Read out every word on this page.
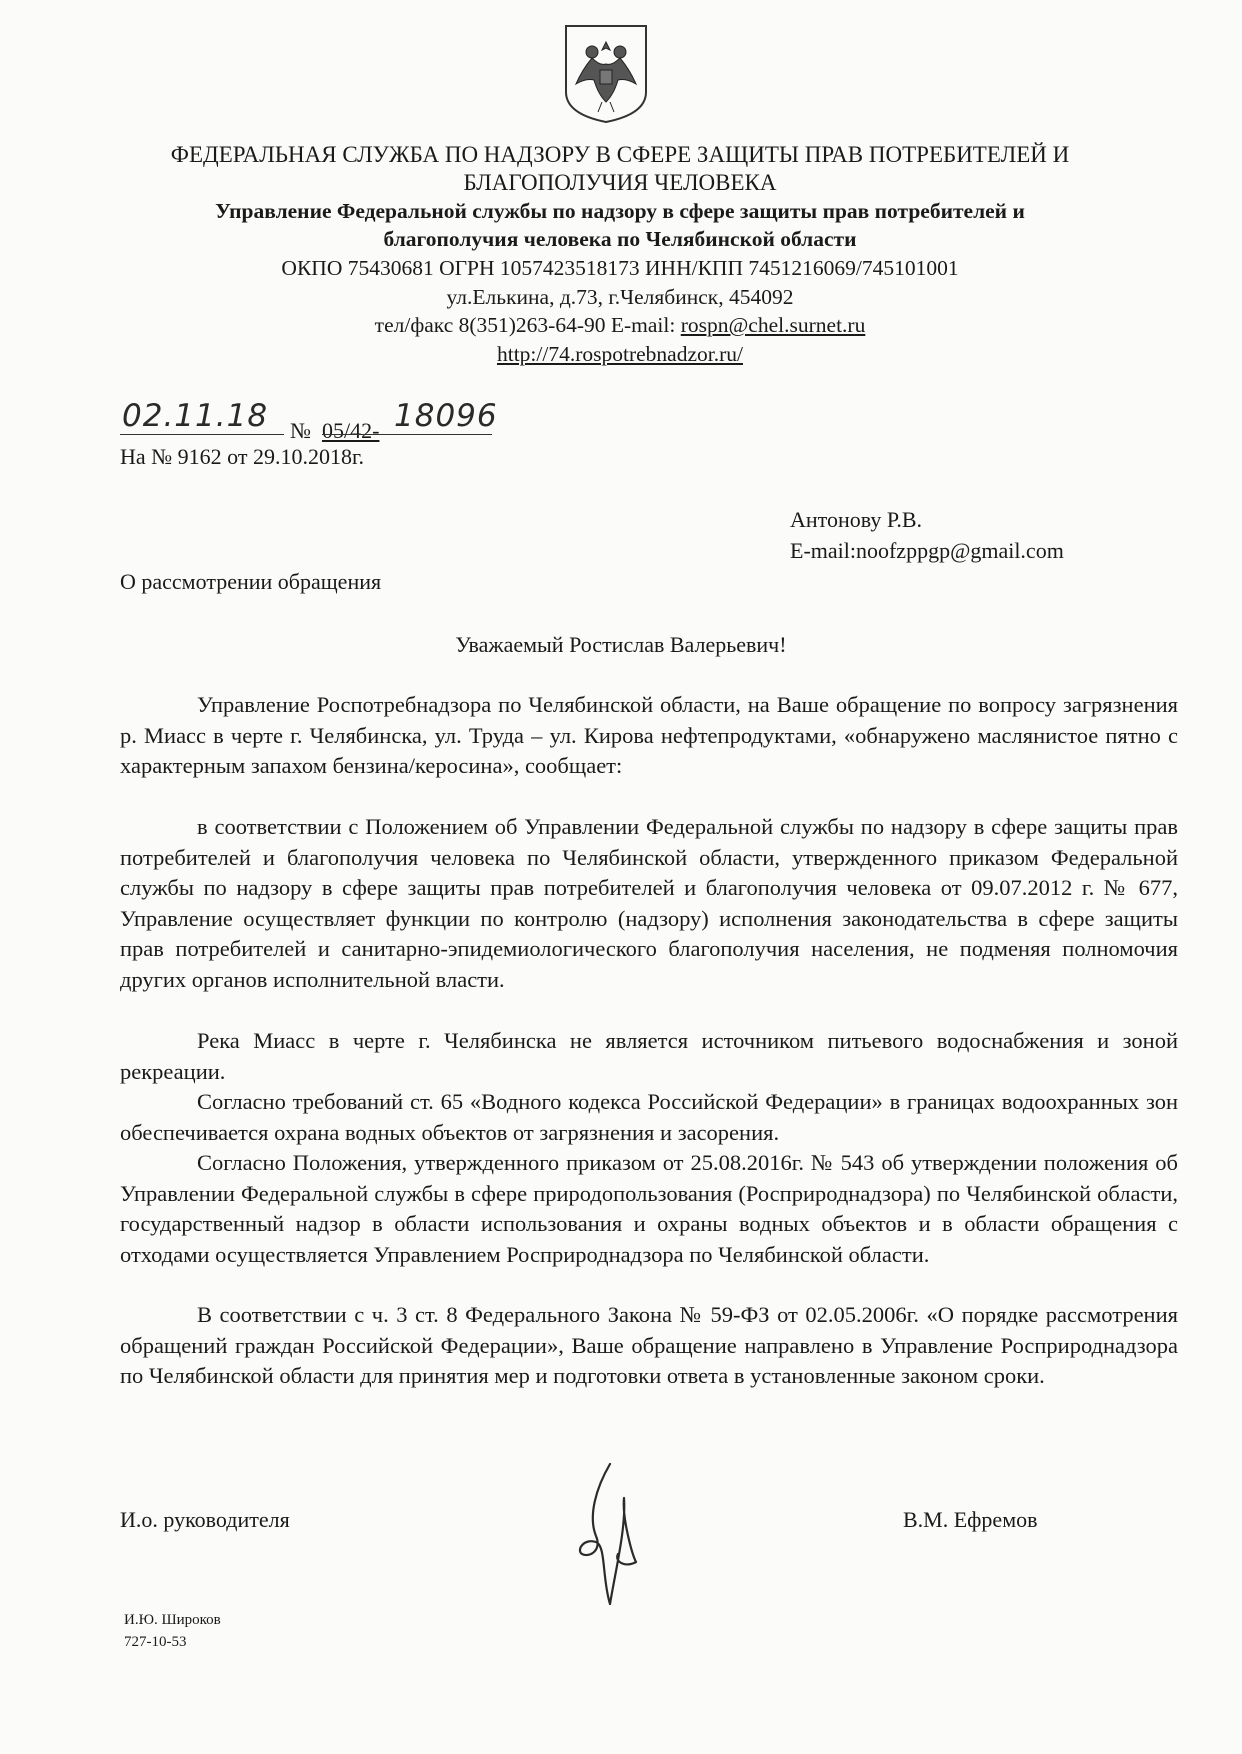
ФЕДЕРАЛЬНАЯ СЛУЖБА ПО НАДЗОРУ В СФЕРЕ ЗАЩИТЫ ПРАВ ПОТРЕБИТЕЛЕЙ И
БЛАГОПОЛУЧИЯ ЧЕЛОВЕКА
Управление Федеральной службы по надзору в сфере защиты прав потребителей и
благополучия человека по Челябинской области
ОКПО 75430681 ОГРН 1057423518173 ИНН/КПП 7451216069/745101001
ул.Елькина, д.73, г.Челябинск, 454092
тел/факс 8(351)263-64-90 E-mail: rospn@chel.surnet.ru
http://74.rospotrebnadzor.ru/
02.11.18 № 05/42- 18096
На № 9162 от 29.10.2018г.
Антонову Р.В.
E-mail:noofzppgp@gmail.com
О рассмотрении обращения
Уважаемый Ростислав Валерьевич!

Управление Роспотребнадзора по Челябинской области, на Ваше обращение по вопросу загрязнения р. Миасс в черте г. Челябинска, ул. Труда – ул. Кирова нефтепродуктами, «обнаружено маслянистое пятно с характерным запахом бензина/керосина», сообщает:

в соответствии с Положением об Управлении Федеральной службы по надзору в сфере защиты прав потребителей и благополучия человека по Челябинской области, утвержденного приказом Федеральной службы по надзору в сфере защиты прав потребителей и благополучия человека от 09.07.2012 г. № 677, Управление осуществляет функции по контролю (надзору) исполнения законодательства в сфере защиты прав потребителей и санитарно-эпидемиологического благополучия населения, не подменяя полномочия других органов исполнительной власти.

Река Миасс в черте г. Челябинска не является источником питьевого водоснабжения и зоной рекреации.

Согласно требований ст. 65 «Водного кодекса Российской Федерации» в границах водоохранных зон обеспечивается охрана водных объектов от загрязнения и засорения.

Согласно Положения, утвержденного приказом от 25.08.2016г. № 543 об утверждении положения об Управлении Федеральной службы в сфере природопользования (Росприроднадзора) по Челябинской области, государственный надзор в области использования и охраны водных объектов и в области обращения с отходами осуществляется Управлением Росприроднадзора по Челябинской области.

В соответствии с ч. 3 ст. 8 Федерального Закона № 59-ФЗ от 02.05.2006г. «О порядке рассмотрения обращений граждан Российской Федерации», Ваше обращение направлено в Управление Росприроднадзора по Челябинской области для принятия мер и подготовки ответа в установленные законом сроки.

И.о. руководителя	В.М. Ефремов
И.Ю. Широков
727-10-53
